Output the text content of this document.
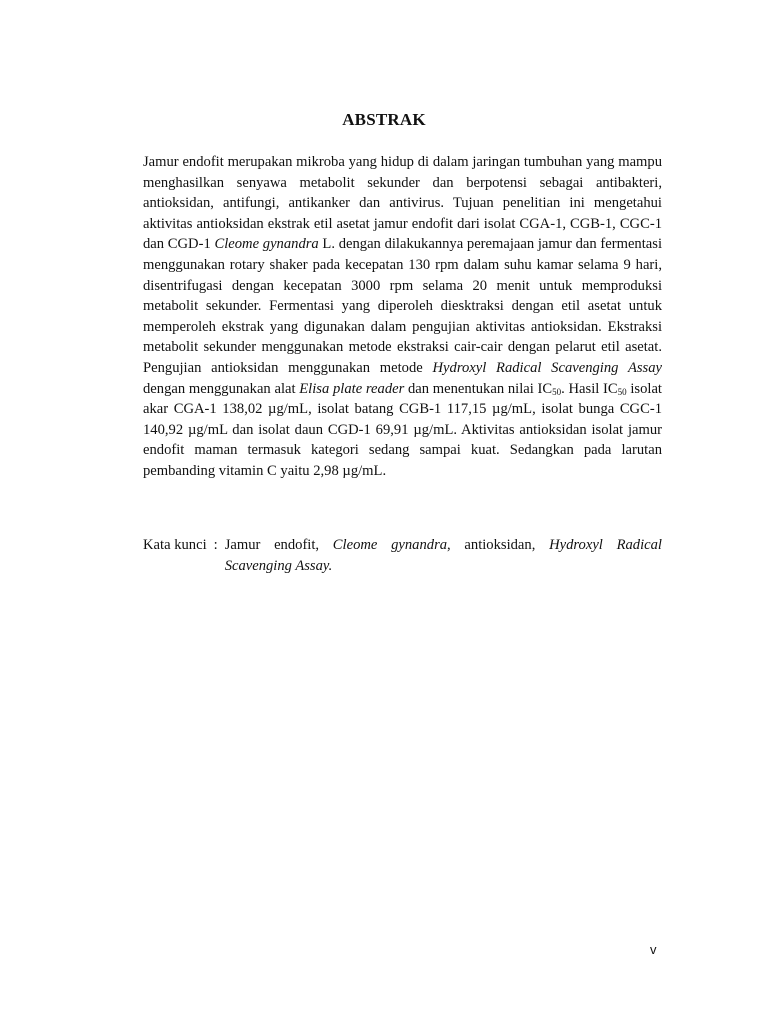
ABSTRAK

Jamur endofit merupakan mikroba yang hidup di dalam jaringan tumbuhan yang mampu menghasilkan senyawa metabolit sekunder dan berpotensi sebagai antibakteri, antioksidan, antifungi, antikanker dan antivirus. Tujuan penelitian ini mengetahui aktivitas antioksidan ekstrak etil asetat jamur endofit dari isolat CGA-1, CGB-1, CGC-1 dan CGD-1 Cleome gynandra L. dengan dilakukannya peremajaan jamur dan fermentasi menggunakan rotary shaker pada kecepatan 130 rpm dalam suhu kamar selama 9 hari, disentrifugasi dengan kecepatan 3000 rpm selama 20 menit untuk memproduksi metabolit sekunder. Fermentasi yang diperoleh diesktraksi dengan etil asetat untuk memperoleh ekstrak yang digunakan dalam pengujian aktivitas antioksidan. Ekstraksi metabolit sekunder menggunakan metode ekstraksi cair-cair dengan pelarut etil asetat. Pengujian antioksidan menggunakan metode Hydroxyl Radical Scavenging Assay dengan menggunakan alat Elisa plate reader dan menentukan nilai $IC_{50}$. Hasil $IC_{50}$ isolat akar CGA-1 138,02 µg/mL, isolat batang CGB-1 117,15 µg/mL, isolat bunga CGC-1 140,92 µg/mL dan isolat daun CGD-1 69,91 µg/mL. Aktivitas antioksidan isolat jamur endofit maman termasuk kategori sedang sampai kuat. Sedangkan pada larutan pembanding vitamin C yaitu 2,98 µg/mL.

Kata kunci : Jamur endofit, Cleome gynandra, antioksidan, Hydroxyl Radical Scavenging Assay.
v
